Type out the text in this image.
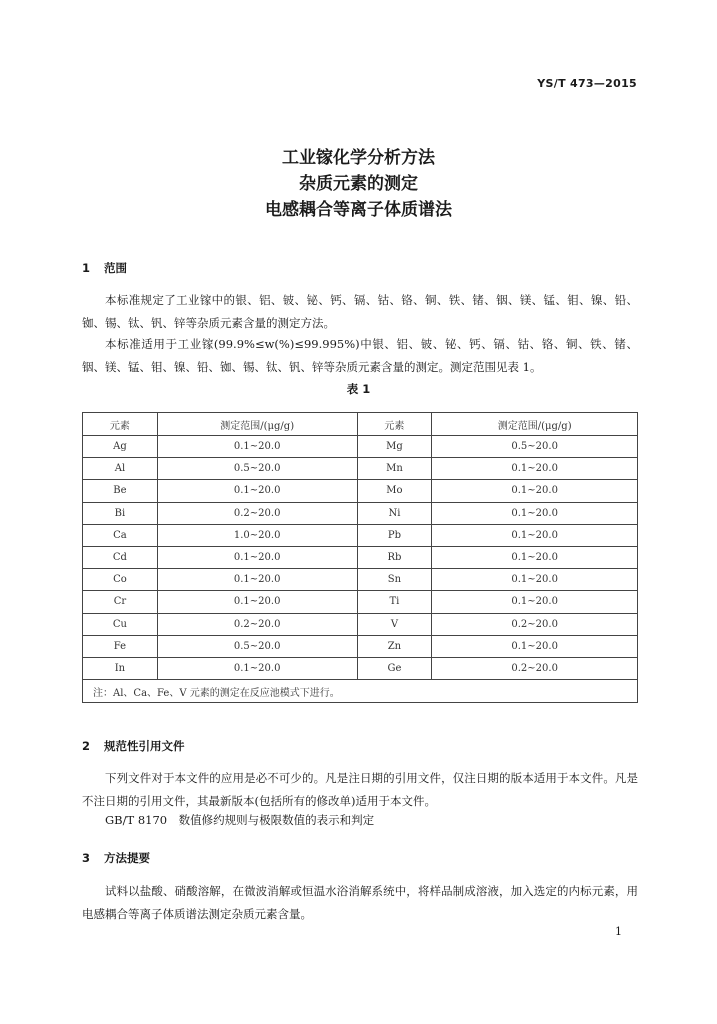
YS/T 473—2015
工业镓化学分析方法
杂质元素的测定
电感耦合等离子体质谱法
1 范围
本标准规定了工业镓中的银、铝、铍、铋、钙、镉、钴、铬、铜、铁、锗、铟、镁、锰、钼、镍、铅、铷、锡、钛、钒、锌等杂质元素含量的测定方法。
本标准适用于工业镓(99.9%≤w(%)≤99.995%)中银、铝、铍、铋、钙、镉、钴、铬、铜、铁、锗、铟、镁、锰、钼、镍、铅、铷、锡、钛、钒、锌等杂质元素含量的测定。测定范围见表 1。
表 1
元素	测定范围/(μg/g)	元素	测定范围/(μg/g)
Ag	0.1~20.0	Mg	0.5~20.0
Al	0.5~20.0	Mn	0.1~20.0
Be	0.1~20.0	Mo	0.1~20.0
Bi	0.2~20.0	Ni	0.1~20.0
Ca	1.0~20.0	Pb	0.1~20.0
Cd	0.1~20.0	Rb	0.1~20.0
Co	0.1~20.0	Sn	0.1~20.0
Cr	0.1~20.0	Ti	0.1~20.0
Cu	0.2~20.0	V	0.2~20.0
Fe	0.5~20.0	Zn	0.1~20.0
In	0.1~20.0	Ge	0.2~20.0
注：Al、Ca、Fe、V 元素的测定在反应池模式下进行。			
2 规范性引用文件
下列文件对于本文件的应用是必不可少的。凡是注日期的引用文件，仅注日期的版本适用于本文件。凡是不注日期的引用文件，其最新版本(包括所有的修改单)适用于本文件。
GB/T 8170　数值修约规则与极限数值的表示和判定
3 方法提要
试料以盐酸、硝酸溶解，在微波消解或恒温水浴消解系统中，将样品制成溶液，加入选定的内标元素，用电感耦合等离子体质谱法测定杂质元素含量。
1
